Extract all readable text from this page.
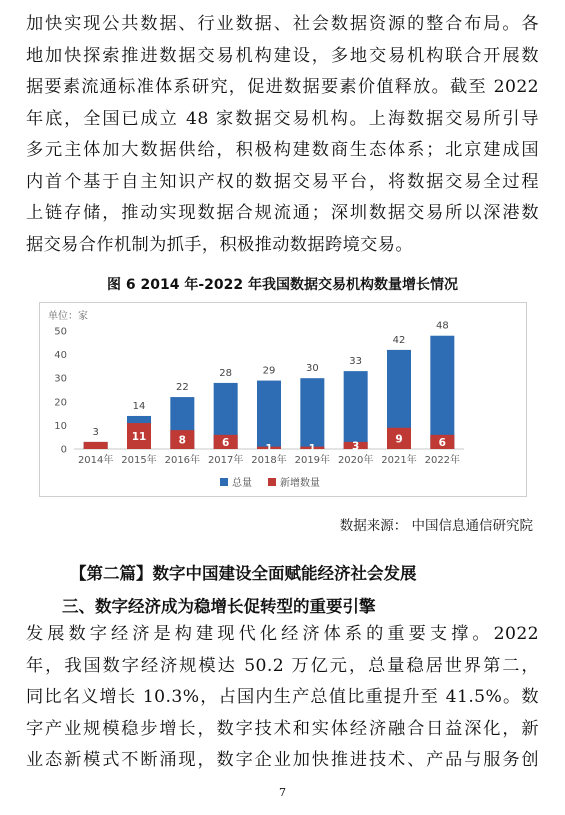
加快实现公共数据、行业数据、社会数据资源的整合布局。各
地加快探索推进数据交易机构建设，多地交易机构联合开展数
据要素流通标准体系研究，促进数据要素价值释放。截至 2022
年底，全国已成立 48 家数据交易机构。上海数据交易所引导
多元主体加大数据供给，积极构建数商生态体系；北京建成国
内首个基于自主知识产权的数据交易平台，将数据交易全过程
上链存储，推动实现数据合规流通；深圳数据交易所以深港数
据交易合作机制为抓手，积极推动数据跨境交易。
图 6 2014 年-2022 年我国数据交易机构数量增长情况
单位：家
0
10
20
30
40
50
3
2014年
14
11
2015年
22
8
2016年
28
6
2017年
29
1
2018年
30
1
2019年
33
3
2020年
42
9
2021年
48
6
2022年
总量	新增数量
数据来源： 中国信息通信研究院
【第二篇】数字中国建设全面赋能经济社会发展
三、数字经济成为稳增长促转型的重要引擎
发展数字经济是构建现代化经济体系的重要支撑。2022
年，我国数字经济规模达 50.2 万亿元，总量稳居世界第二，
同比名义增长 10.3%，占国内生产总值比重提升至 41.5%。数
字产业规模稳步增长，数字技术和实体经济融合日益深化，新
业态新模式不断涌现，数字企业加快推进技术、产品与服务创
7
